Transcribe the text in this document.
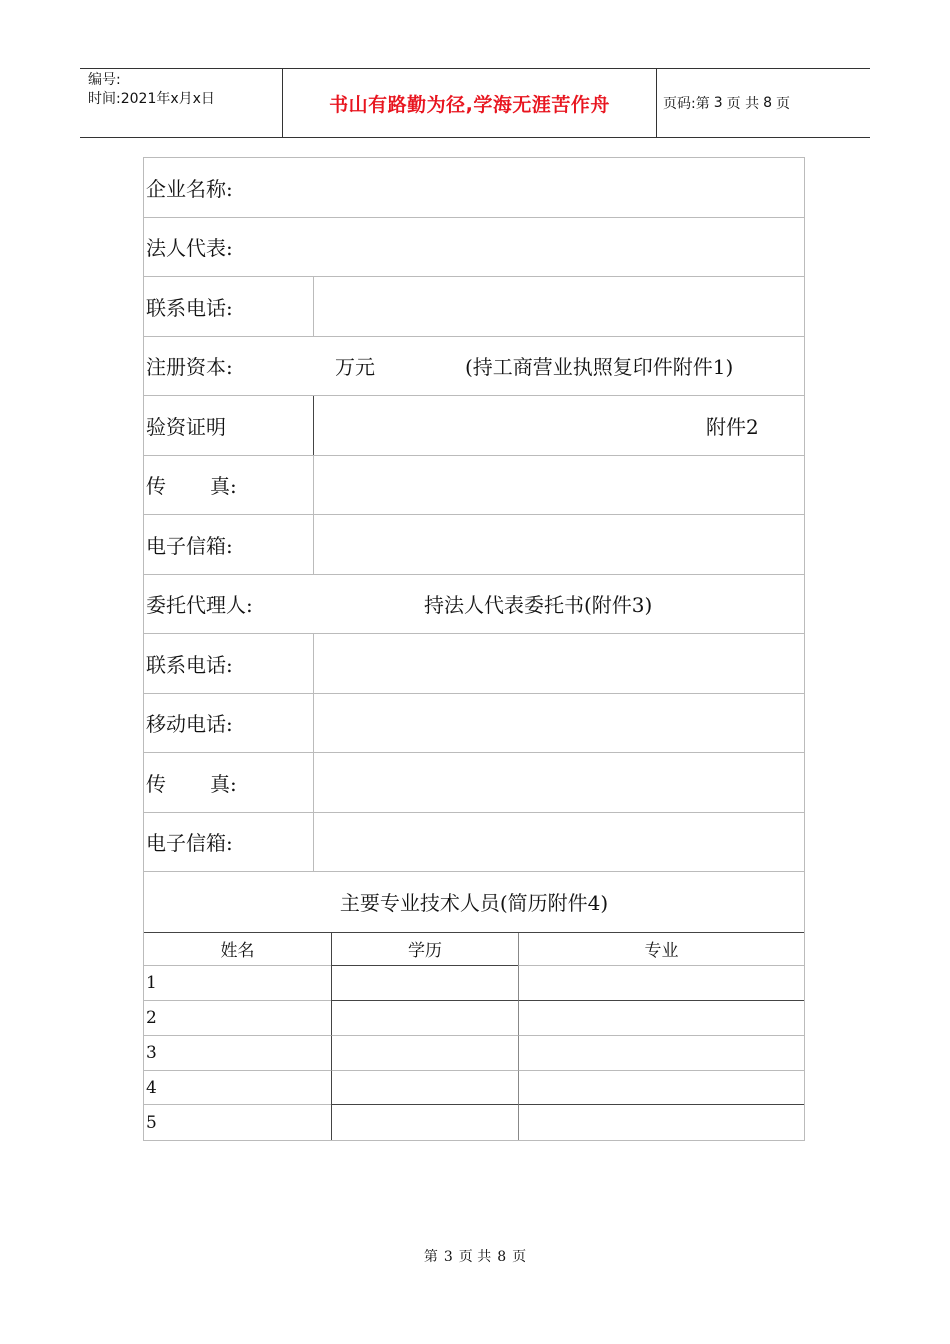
编号:
时间:2021年x月x日	书山有路勤为径,学海无涯苦作舟	页码:第 3 页 共 8 页
企业名称:
法人代表:
联系电话:
注册资本:	万元	(持工商营业执照复印件附件1)
验资证明	附件2
传 真:
电子信箱:
委托代理人:	持法人代表委托书(附件3)
联系电话:
移动电话:
传 真:
电子信箱:
主要专业技术人员(简历附件4)
姓名	学历	专业
1
2
3
4
5
第 3 页 共 8 页
